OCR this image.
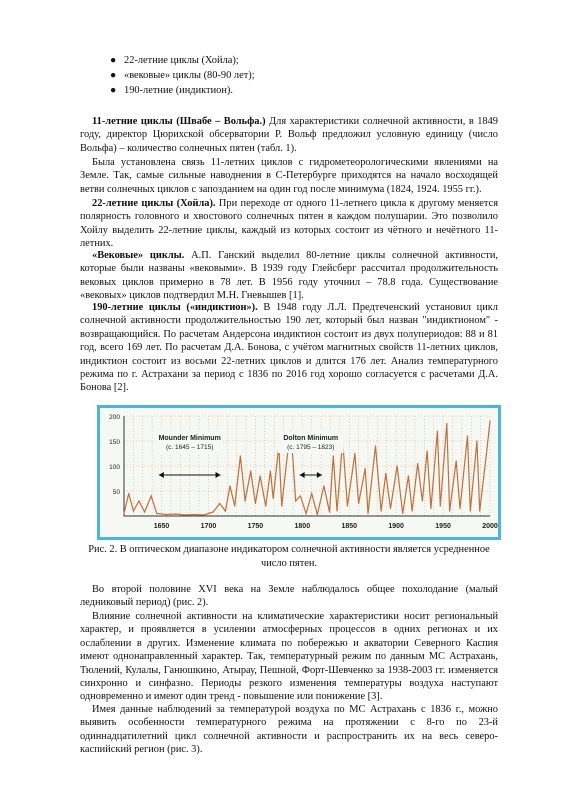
● 22-летние циклы (Хойла);
● «вековые» циклы (80-90 лет);
● 190-летние (индиктион).

11-летние циклы (Швабе – Вольфа.) Для характеристики солнечной активности, в 1849 году, директор Цюрихской обсерватории Р. Вольф предложил условную единицу (число Вольфа) – количество солнечных пятен (табл. 1).

Была установлена связь 11-летних циклов с гидрометеорологическими явлениями на Земле. Так, самые сильные наводнения в С-Петербурге приходятся на начало восходящей ветви солнечных циклов с запозданием на один год после минимума (1824, 1924. 1955 гг.).

22-летние циклы (Хойла). При переходе от одного 11-летнего цикла к другому меняется полярность головного и хвостового солнечных пятен в каждом полушарии. Это позволило Хойлу выделить 22-летние циклы, каждый из которых состоит из чётного и нечётного 11-летних.

«Вековые» циклы. А.П. Ганский выделил 80-летние циклы солнечной активности, которые были названы «вековыми». В 1939 году Глейсберг рассчитал продолжительность вековых циклов примерно в 78 лет. В 1956 году уточнил – 78.8 года. Существование «вековых» циклов подтвердил М.Н. Гневышев [1].

190-летние циклы («индиктион»). В 1948 году Л.Л. Предтеченский установил цикл солнечной активности продолжительностью 190 лет, который был назван "индиктионом" - возвращающийся. По расчетам Андерсона индиктион состоит из двух полупериодов: 88 и 81 год, всего 169 лет. По расчетам Д.А. Бонова, с учётом магнитных свойств 11-летних циклов, индиктион состоит из восьми 22-летних циклов и длится 176 лет. Анализ температурного режима по г. Астрахани за период с 1836 по 2016 год хорошо согласуется с расчетами Д.А. Бонова [2].

200
150
100
50
1650	1700	1750	1800	1850	1900	1950	2000
Mounder Minimum
(c. 1645 – 1715)
Dolton Minimum
(c. 1795 – 1823)

Рис. 2. В оптическом диапазоне индикатором солнечной активности является усредненное число пятен.

Во второй половине XVI века на Земле наблюдалось общее похолодание (малый ледниковый период) (рис. 2).

Влияние солнечной активности на климатические характеристики носит региональный характер, и проявляется в усилении атмосферных процессов в одних регионах и их ослаблении в других. Изменение климата по побережью и акватории Северного Каспия имеют однонаправленный характер. Так, температурный режим по данным МС Астрахань, Тюлений, Кулалы, Ганюшкино, Атырау, Пешной, Форт-Шевченко за 1938-2003 гг. изменяется синхронно и синфазно. Периоды резкого изменения температуры воздуха наступают одновременно и имеют один тренд - повышение или понижение [3].

Имея данные наблюдений за температурой воздуха по МС Астрахань с 1836 г., можно выявить особенности температурного режима на протяжении с 8-го по 23-й одиннадцатилетний цикл солнечной активности и распространить их на весь северо-каспийский регион (рис. 3).
